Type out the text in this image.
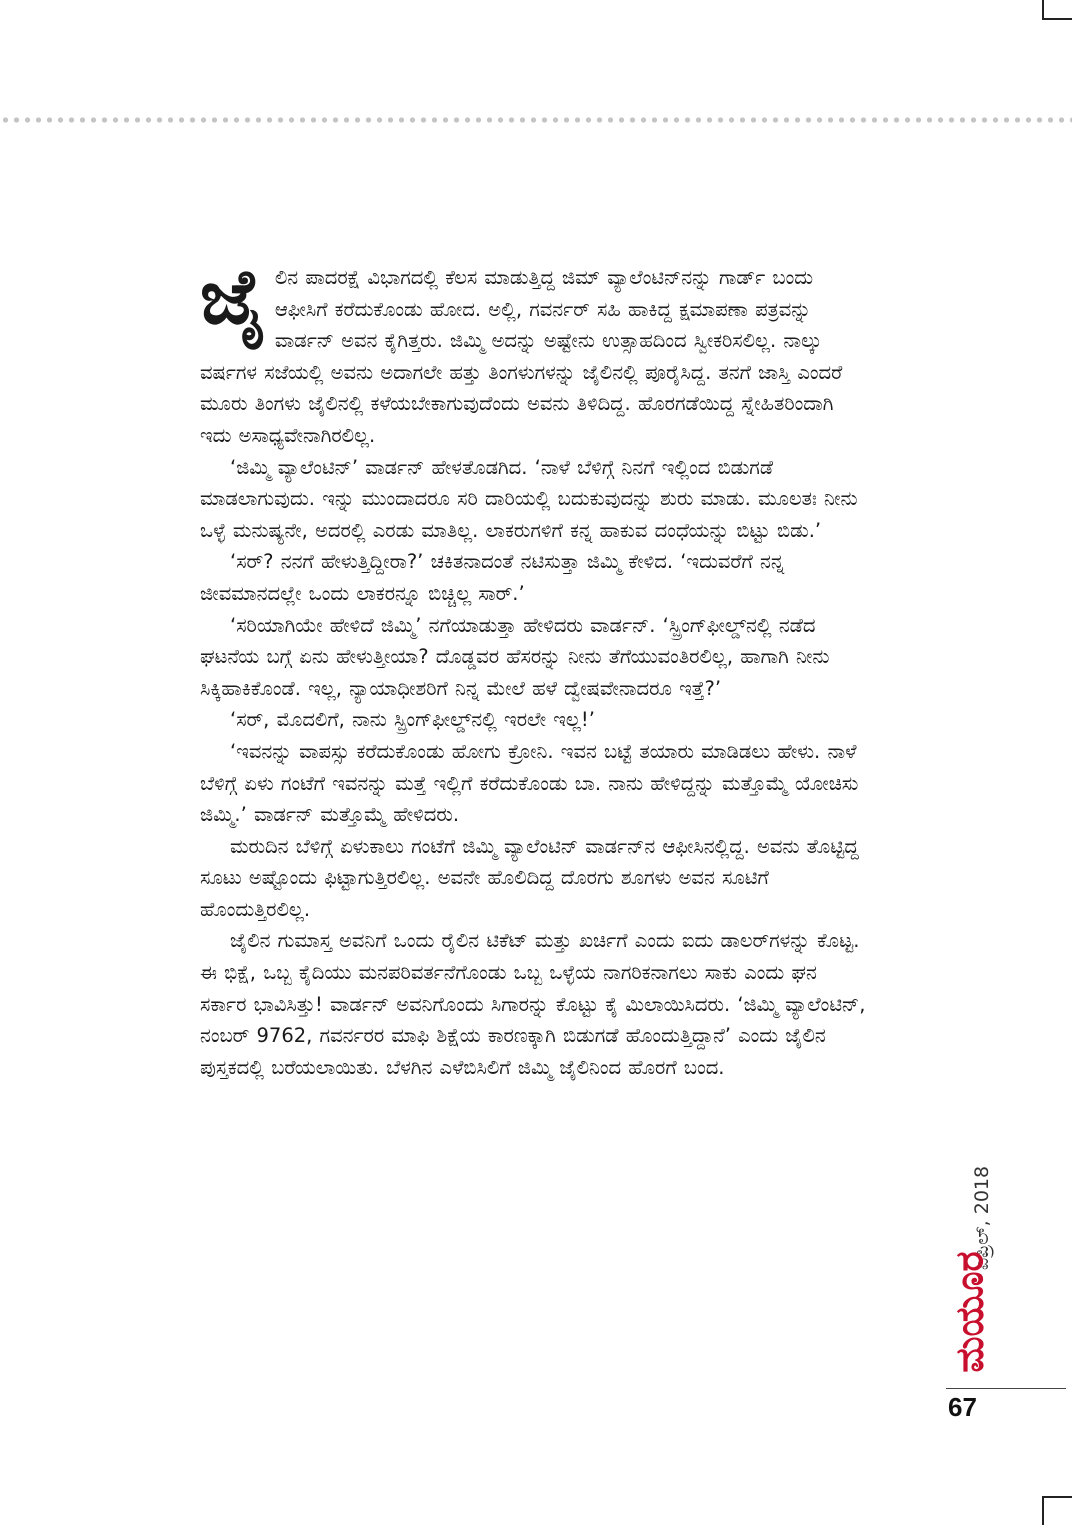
ಜೈಲಿನ ಪಾದರಕ್ಷೆ ವಿಭಾಗದಲ್ಲಿ ಕೆಲಸ ಮಾಡುತ್ತಿದ್ದ ಜಿಮ್ ವ್ಯಾಲೆಂಟಿನ್‌ನನ್ನು ಗಾರ್ಡ್ ಬಂದು ಆಫೀಸಿಗೆ ಕರೆದುಕೊಂಡು ಹೋದ. ಅಲ್ಲಿ, ಗವರ್ನರ್ ಸಹಿ ಹಾಕಿದ್ದ ಕ್ಷಮಾಪಣಾ ಪತ್ರವನ್ನು ವಾರ್ಡನ್ ಅವನ ಕೈಗಿತ್ತರು. ಜಿಮ್ಮಿ ಅದನ್ನು ಅಷ್ಟೇನು ಉತ್ಸಾಹದಿಂದ ಸ್ವೀಕರಿಸಲಿಲ್ಲ. ನಾಲ್ಕು ವರ್ಷಗಳ ಸಜೆಯಲ್ಲಿ ಅವನು ಅದಾಗಲೇ ಹತ್ತು ತಿಂಗಳುಗಳನ್ನು ಜೈಲಿನಲ್ಲಿ ಪೂರೈಸಿದ್ದ. ತನಗೆ ಜಾಸ್ತಿ ಎಂದರೆ ಮೂರು ತಿಂಗಳು ಜೈಲಿನಲ್ಲಿ ಕಳೆಯಬೇಕಾಗುವುದೆಂದು ಅವನು ತಿಳಿದಿದ್ದ. ಹೊರಗಡೆಯಿದ್ದ ಸ್ನೇಹಿತರಿಂದಾಗಿ ಇದು ಅಸಾಧ್ಯವೇನಾಗಿರಲಿಲ್ಲ.

‘ಜಿಮ್ಮಿ ವ್ಯಾಲೆಂಟಿನ್’ ವಾರ್ಡನ್ ಹೇಳತೊಡಗಿದ. ‘ನಾಳೆ ಬೆಳಿಗ್ಗೆ ನಿನಗೆ ಇಲ್ಲಿಂದ ಬಿಡುಗಡೆ ಮಾಡಲಾಗುವುದು. ಇನ್ನು ಮುಂದಾದರೂ ಸರಿ ದಾರಿಯಲ್ಲಿ ಬದುಕುವುದನ್ನು ಶುರು ಮಾಡು. ಮೂಲತಃ ನೀನು ಒಳ್ಳೆ ಮನುಷ್ಯನೇ, ಅದರಲ್ಲಿ ಎರಡು ಮಾತಿಲ್ಲ. ಲಾಕರುಗಳಿಗೆ ಕನ್ನ ಹಾಕುವ ದಂಧೆಯನ್ನು ಬಿಟ್ಟು ಬಿಡು.’

‘ಸರ್? ನನಗೆ ಹೇಳುತ್ತಿದ್ದೀರಾ?’ ಚಕಿತನಾದಂತೆ ನಟಿಸುತ್ತಾ ಜಿಮ್ಮಿ ಕೇಳಿದ. ‘ಇದುವರೆಗೆ ನನ್ನ ಜೀವಮಾನದಲ್ಲೇ ಒಂದು ಲಾಕರನ್ನೂ ಬಿಚ್ಚಿಲ್ಲ ಸಾರ್.’

‘ಸರಿಯಾಗಿಯೇ ಹೇಳಿದೆ ಜಿಮ್ಮಿ’ ನಗೆಯಾಡುತ್ತಾ ಹೇಳಿದರು ವಾರ್ಡನ್. ‘ಸ್ಪ್ರಿಂಗ್‌ಫೀಲ್ಡ್‌ನಲ್ಲಿ ನಡೆದ ಘಟನೆಯ ಬಗ್ಗೆ ಏನು ಹೇಳುತ್ತೀಯಾ? ದೊಡ್ಡವರ ಹೆಸರನ್ನು ನೀನು ತೆಗೆಯುವಂತಿರಲಿಲ್ಲ, ಹಾಗಾಗಿ ನೀನು ಸಿಕ್ಕಿಹಾಕಿಕೊಂಡೆ. ಇಲ್ಲ, ನ್ಯಾಯಾಧೀಶರಿಗೆ ನಿನ್ನ ಮೇಲೆ ಹಳೆ ದ್ವೇಷವೇನಾದರೂ ಇತ್ತೆ?’

‘ಸರ್, ಮೊದಲಿಗೆ, ನಾನು ಸ್ಪ್ರಿಂಗ್‌ಫೀಲ್ಡ್‌ನಲ್ಲಿ ಇರಲೇ ಇಲ್ಲ!’

‘ಇವನನ್ನು ವಾಪಸ್ಸು ಕರೆದುಕೊಂಡು ಹೋಗು ಕ್ರೋನಿ. ಇವನ ಬಟ್ಟೆ ತಯಾರು ಮಾಡಿಡಲು ಹೇಳು. ನಾಳೆ ಬೆಳಿಗ್ಗೆ ಏಳು ಗಂಟೆಗೆ ಇವನನ್ನು ಮತ್ತೆ ಇಲ್ಲಿಗೆ ಕರೆದುಕೊಂಡು ಬಾ. ನಾನು ಹೇಳಿದ್ದನ್ನು ಮತ್ತೊಮ್ಮೆ ಯೋಚಿಸು ಜಿಮ್ಮಿ.’ ವಾರ್ಡನ್ ಮತ್ತೊಮ್ಮೆ ಹೇಳಿದರು.

ಮರುದಿನ ಬೆಳಿಗ್ಗೆ ಏಳುಕಾಲು ಗಂಟೆಗೆ ಜಿಮ್ಮಿ ವ್ಯಾಲೆಂಟಿನ್ ವಾರ್ಡನ್‌ನ ಆಫೀಸಿನಲ್ಲಿದ್ದ. ಅವನು ತೊಟ್ಟಿದ್ದ ಸೂಟು ಅಷ್ಟೊಂದು ಫಿಟ್ಟಾಗುತ್ತಿರಲಿಲ್ಲ. ಅವನೇ ಹೊಲಿದಿದ್ದ ದೊರಗು ಶೂಗಳು ಅವನ ಸೂಟಿಗೆ ಹೊಂದುತ್ತಿರಲಿಲ್ಲ.

ಜೈಲಿನ ಗುಮಾಸ್ತ ಅವನಿಗೆ ಒಂದು ರೈಲಿನ ಟಿಕೆಟ್ ಮತ್ತು ಖರ್ಚಿಗೆ ಎಂದು ಐದು ಡಾಲರ್‌ಗಳನ್ನು ಕೊಟ್ಟ. ಈ ಭಿಕ್ಷೆ, ಒಬ್ಬ ಕೈದಿಯು ಮನಪರಿವರ್ತನೆಗೊಂಡು ಒಬ್ಬ ಒಳ್ಳೆಯ ನಾಗರಿಕನಾಗಲು ಸಾಕು ಎಂದು ಘನ ಸರ್ಕಾರ ಭಾವಿಸಿತ್ತು! ವಾರ್ಡನ್ ಅವನಿಗೊಂದು ಸಿಗಾರನ್ನು ಕೊಟ್ಟು ಕೈ ಮಿಲಾಯಿಸಿದರು. ‘ಜಿಮ್ಮಿ ವ್ಯಾಲೆಂಟಿನ್, ನಂಬರ್ 9762, ಗವರ್ನರರ ಮಾಫಿ ಶಿಕ್ಷೆಯ ಕಾರಣಕ್ಕಾಗಿ ಬಿಡುಗಡೆ ಹೊಂದುತ್ತಿದ್ದಾನೆ’ ಎಂದು ಜೈಲಿನ ಪುಸ್ತಕದಲ್ಲಿ ಬರೆಯಲಾಯಿತು. ಬೆಳಗಿನ ಎಳೆಬಿಸಿಲಿಗೆ ಜಿಮ್ಮಿ ಜೈಲಿನಿಂದ ಹೊರಗೆ ಬಂದ.

ಏಪ್ರಿಲ್, 2018
ಮಯೂರ
67
